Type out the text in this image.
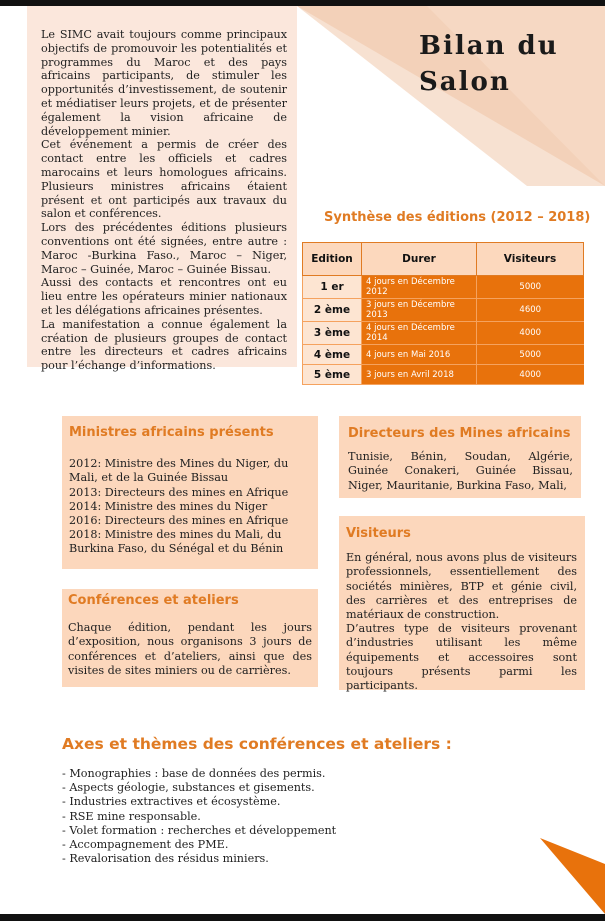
Le SIMC avait toujours comme principaux objectifs de promouvoir les potentialités et programmes du Maroc et des pays africains participants, de stimuler les opportunités d’investissement, de soutenir et médiatiser leurs projets, et de présenter également la vision africaine de développement minier.

Cet événement a permis de créer des contact entre les officiels et cadres marocains et leurs homologues africains. Plusieurs ministres africains étaient présent et ont participés aux travaux du salon et conférences.

Lors des précédentes éditions plusieurs conventions ont été signées, entre autre : Maroc -Burkina Faso., Maroc – Niger, Maroc – Guinée, Maroc – Guinée Bissau.

Aussi des contacts et rencontres ont eu lieu entre les opérateurs minier nationaux et les délégations africaines présentes.

La manifestation a connue également la création de plusieurs groupes de contact entre les directeurs et cadres africains pour l’échange d’informations.

Bilan du
Salon
Synthèse des éditions (2012 – 2018)
Edition	Durer	Visiteurs
1 er	4 jours en Décembre 2012	5000
2 ème	3 jours en Décembre 2013	4600
3 ème	4 jours en Décembre 2014	4000
4 ème	4 jours en Mai 2016	5000
5 ème	3 jours en Avril 2018	4000
Ministres africains présents
2012: Ministre des Mines du Niger, du Mali, et de la Guinée Bissau
2013: Directeurs des mines en Afrique
2014: Ministre des mines du Niger
2016: Directeurs des mines en Afrique
2018: Ministre des mines du Mali, du Burkina Faso, du Sénégal et du Bénin
Directeurs des Mines africains

Tunisie, Bénin, Soudan, Algérie, Guinée Conakeri, Guinée Bissau, Niger, Mauritanie, Burkina Faso, Mali,

Visiteurs

En général, nous avons plus de visiteurs professionnels, essentiellement des sociétés minières, BTP et génie civil, des carrières et des entreprises de matériaux de construction.

D’autres type de visiteurs provenant d’industries utilisant les même équipements et accessoires sont toujours présents parmi les participants.

Conférences et ateliers

Chaque édition, pendant les jours d’exposition, nous organisons 3 jours de conférences et d’ateliers, ainsi que des visites de sites miniers ou de carrières.

Axes et thèmes des conférences et ateliers :
- Monographies : base de données des permis.
- Aspects géologie, substances et gisements.
- Industries extractives et écosystème.
- RSE mine responsable.
- Volet formation : recherches et développement
- Accompagnement des PME.
- Revalorisation des résidus miniers.
